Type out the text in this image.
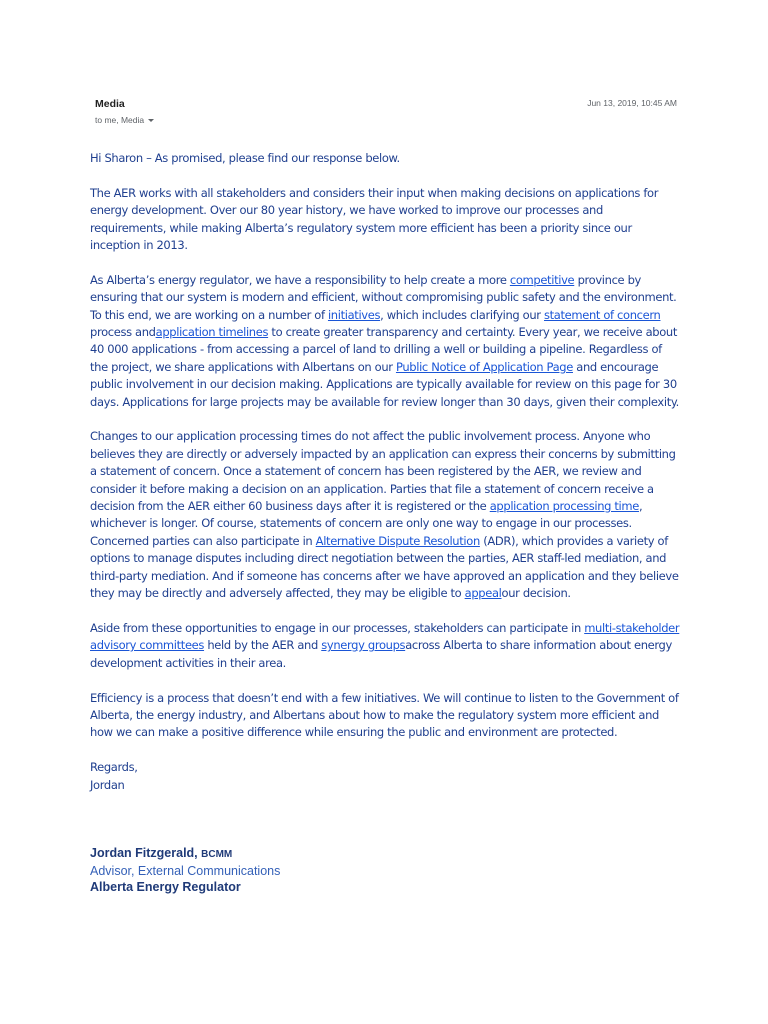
Media
to me, Media
Jun 13, 2019, 10:45 AM

Hi Sharon – As promised, please find our response below.

The AER works with all stakeholders and considers their input when making decisions on applications for energy development. Over our 80 year history, we have worked to improve our processes and requirements, while making Alberta’s regulatory system more efficient has been a priority since our inception in 2013.

As Alberta’s energy regulator, we have a responsibility to help create a more competitive province by ensuring that our system is modern and efficient, without compromising public safety and the environment. To this end, we are working on a number of initiatives, which includes clarifying our statement of concern process andapplication timelines to create greater transparency and certainty. Every year, we receive about 40 000 applications - from accessing a parcel of land to drilling a well or building a pipeline. Regardless of the project, we share applications with Albertans on our Public Notice of Application Page and encourage public involvement in our decision making. Applications are typically available for review on this page for 30 days. Applications for large projects may be available for review longer than 30 days, given their complexity.

Changes to our application processing times do not affect the public involvement process. Anyone who believes they are directly or adversely impacted by an application can express their concerns by submitting a statement of concern. Once a statement of concern has been registered by the AER, we review and consider it before making a decision on an application. Parties that file a statement of concern receive a decision from the AER either 60 business days after it is registered or the application processing time, whichever is longer. Of course, statements of concern are only one way to engage in our processes. Concerned parties can also participate in Alternative Dispute Resolution (ADR), which provides a variety of options to manage disputes including direct negotiation between the parties, AER staff-led mediation, and third-party mediation. And if someone has concerns after we have approved an application and they believe they may be directly and adversely affected, they may be eligible to appealour decision.

Aside from these opportunities to engage in our processes, stakeholders can participate in multi-stakeholder advisory committees held by the AER and synergy groupsacross Alberta to share information about energy development activities in their area.

Efficiency is a process that doesn’t end with a few initiatives. We will continue to listen to the Government of Alberta, the energy industry, and Albertans about how to make the regulatory system more efficient and how we can make a positive difference while ensuring the public and environment are protected.

Regards,

Jordan

Jordan Fitzgerald, BCMM
Advisor, External Communications
Alberta Energy Regulator
